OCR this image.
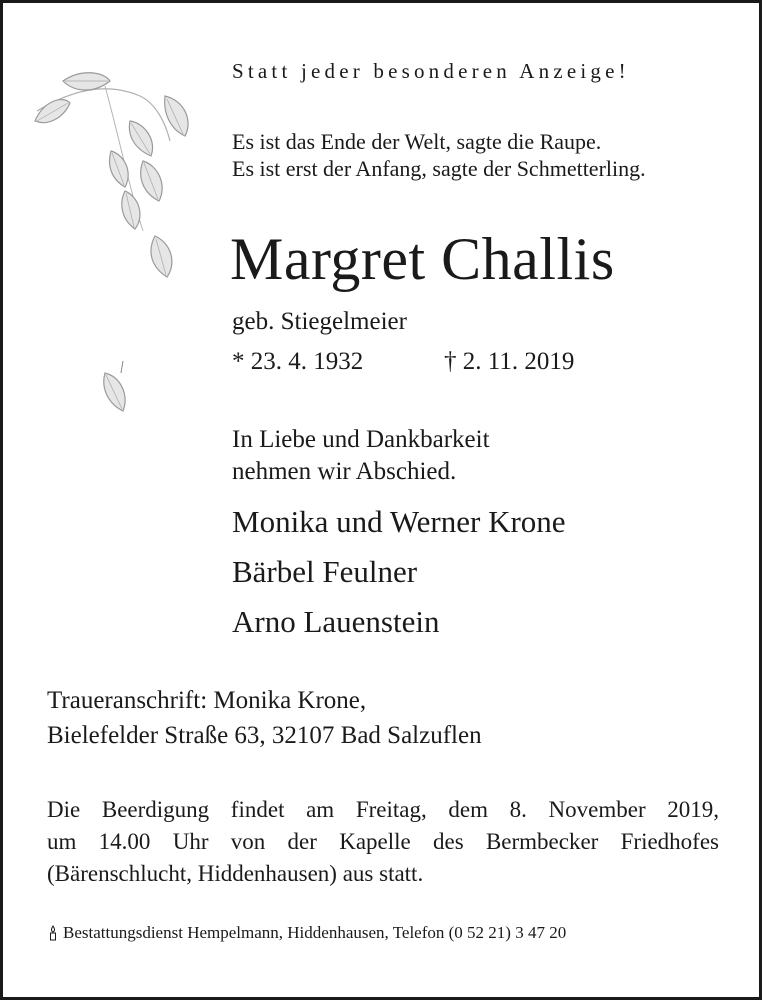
Statt jeder besonderen Anzeige!
Es ist das Ende der Welt, sagte die Raupe.
Es ist erst der Anfang, sagte der Schmetterling.
Margret Challis
geb. Stiegelmeier
* 23. 4. 1932	† 2. 11. 2019
In Liebe und Dankbarkeit
nehmen wir Abschied.
Monika und Werner Krone
Bärbel Feulner
Arno Lauenstein
Traueranschrift: Monika Krone,
Bielefelder Straße 63, 32107 Bad Salzuflen
Die Beerdigung findet am Freitag, dem 8. November 2019,
um 14.00 Uhr von der Kapelle des Bermbecker Friedhofes
(Bärenschlucht, Hiddenhausen) aus statt.
Bestattungsdienst Hempelmann, Hiddenhausen, Telefon (0 52 21) 3 47 20
